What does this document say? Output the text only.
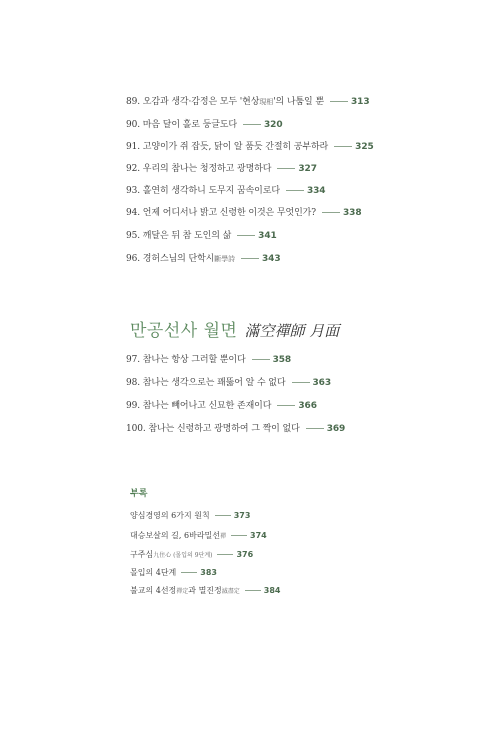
89. 오감과 생각·감정은 모두 '현상現相'의 나툼일 뿐	313
90. 마음 달이 홀로 둥글도다	320
91. 고양이가 쥐 잡듯, 닭이 알 품듯 간절히 공부하라	325
92. 우리의 참나는 청정하고 광명하다	327
93. 홀연히 생각하니 도무지 꿈속이로다	334
94. 언제 어디서나 밝고 신령한 이것은 무엇인가?	338
95. 깨달은 뒤 참 도인의 삶	341
96. 경허스님의 단학시斷學詩	343
만공선사 월면 滿空禪師 月面
97. 참나는 항상 그러할 뿐이다	358
98. 참나는 생각으로는 꽤뚫어 알 수 없다	363
99. 참나는 빼어나고 신묘한 존재이다	366
100. 참나는 신령하고 광명하여 그 짝이 없다	369
부록
양심경영의 6가지 원칙	373
대승보살의 길, 6바라밀선禪	374
구주심九住心 (몰입의 9단계)	376
몰입의 4단계	383
불교의 4선정禪定과 멸진정滅盡定	384
